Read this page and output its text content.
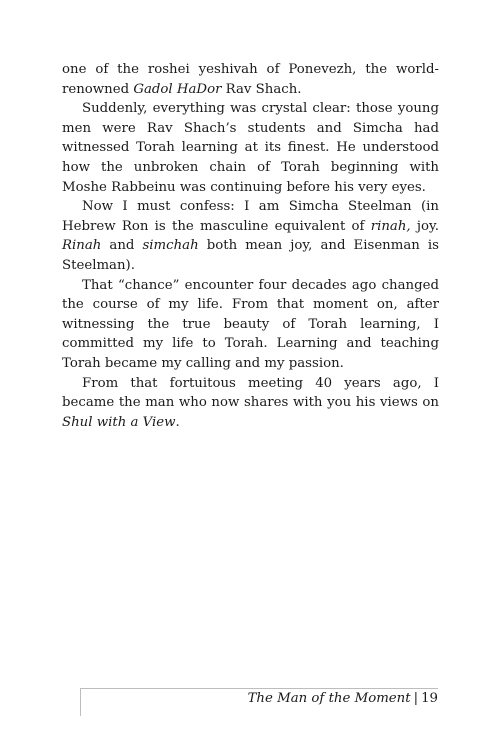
one of the roshei yeshivah of Ponevezh, the world-renowned Gadol HaDor Rav Shach.

Suddenly, everything was crystal clear: those young men were Rav Shach’s students and Simcha had witnessed Torah learning at its finest. He understood how the unbroken chain of Torah beginning with Moshe Rabbeinu was continuing before his very eyes.

Now I must confess: I am Simcha Steelman (in Hebrew Ron is the masculine equivalent of rinah, joy. Rinah and simchah both mean joy, and Eisenman is Steelman).

That “chance” encounter four decades ago changed the course of my life. From that moment on, after witnessing the true beauty of Torah learning, I committed my life to Torah. Learning and teaching Torah became my calling and my passion.

From that fortuitous meeting 40 years ago, I became the man who now shares with you his views on Shul with a View.

The Man of the Moment | 19
